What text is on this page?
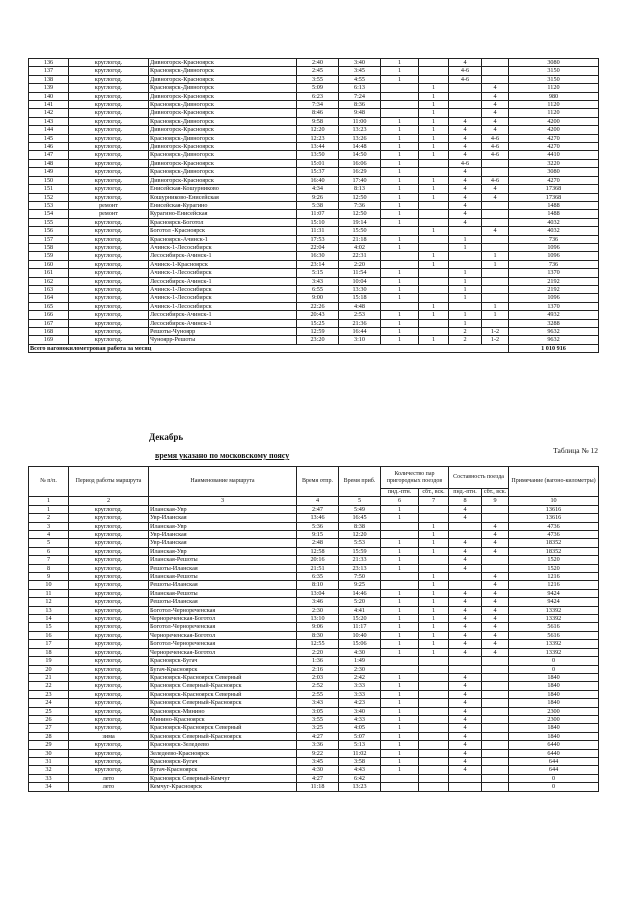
136	круглогод.	Дивногорск-Красноярск	2:40	3:40	1		4		3080
137	круглогод.	Красноярск-Дивногорск	2:45	3:45	1		4-6		3150
138	круглогод.	Дивногорск-Красноярск	3:55	4:55	1		4-6		3150
139	круглогод.	Красноярск-Дивногорск	5:09	6:13		1		4	1120
140	круглогод.	Дивногорск-Красноярск	6:23	7:24		1		4	980
141	круглогод.	Красноярск-Дивногорск	7:34	8:36		1		4	1120
142	круглогод.	Дивногорск-Красноярск	8:46	9:48		1		4	1120
143	круглогод.	Красноярск-Дивногорск	9:58	11:00	1	1	4	4	4200
144	круглогод.	Дивногорск-Красноярск	12:20	13:23	1	1	4	4	4200
145	круглогод.	Красноярск-Дивногорск	12:23	13:26	1	1	4	4-6	4270
146	круглогод.	Дивногорск-Красноярск	13:44	14:48	1	1	4	4-6	4270
147	круглогод.	Красноярск-Дивногорск	13:50	14:50	1	1	4	4-6	4410
148	круглогод.	Дивногорск-Красноярск	15:01	16:06	1		4-6		3220
149	круглогод.	Красноярск-Дивногорск	15:37	16:29	1		4		3080
150	круглогод.	Дивногорск-Красноярск	16:40	17:40	1	1	4	4-6	4270
151	круглогод.	Енисейская-Кошурниково	4:34	8:13	1	1	4	4	17368
152	круглогод.	Кошурниково-Енисейская	9:26	12:50	1	1	4	4	17368
153	ремонт	Енисейская-Курагино	5:38	7:36	1		4		1488
154	ремонт	Курагино-Енисейская	11:07	12:50	1		4		1488
155	круглогод.	Красноярск-Боготол	15:10	19:14	1		4		4032
156	круглогод.	Боготол -Красноярск	11:31	15:50		1		4	4032
157	круглогод.	Красноярск-Ачинск-1	17:53	21:18	1		1		736
158	круглогод.	Ачинск-1-Лесосибирск	22:04	4:02	1		1		1096
159	круглогод.	Лесосибирск-Ачинск-1	16:30	22:31		1		1	1096
160	круглогод.	Ачинск-1-Красноярск	23:14	2:20		1		1	736
161	круглогод.	Ачинск-1-Лесосибирск	5:15	11:54	1		1		1370
162	круглогод.	Лесосибирск-Ачинск-1	3:43	10:04	1		1		2192
163	круглогод.	Ачинск-1-Лесосибирск	6:55	13:30	1		1		2192
164	круглогод.	Ачинск-1-Лесосибирск	9:00	15:18	1		1		1096
165	круглогод.	Ачинск-1-Лесосибирск	22:26	4:48		1		1	1370
166	круглогод.	Лесосибирск-Ачинск-1	20:43	2:53	1	1	1	1	4932
167	круглогод.	Лесосибирск-Ачинск-1	15:25	21:36	1		1		3288
168	круглогод.	Решоты-Чуноярр	12:59	16:44	1		2	1-2	9632
169	круглогод.	Чуноярр-Решоты	23:20	3:10	1	1	2	1-2	9632
Всего вагонокилометровая работа за месяц									1 010 916
Декабрь
Таблица № 12
время указано по московскому поясу
№ п/п.	Период работы маршрута	Наименование маршрута	Время отпр.	Время приб.	Количество пар пригородных поездов		Составность поезда		Примечание (вагоно-километры)
					пнд.-птн.	сбт., вск.	пнд.-птн.	сбт., вск.	
1	2	3	4	5	6	7	8	9	10
1	круглогод.	Иланская-Увр	2:47	5:49	1		4		13616
2	круглогод.	Увр-Иланская	13:46	16:45	1		4		13616
3	круглогод.	Иланская-Увр	5:36	8:38		1		4	4736
4	круглогод.	Увр-Иланская	9:15	12:20		1		4	4736
5	круглогод.	Увр-Иланская	2:48	5:53	1	1	4	4	18352
6	круглогод.	Иланская-Увр	12:58	15:59	1	1	4	4	18352
7	круглогод.	Иланская-Решоты	20:16	21:33	1		4		1520
8	круглогод.	Решоты-Иланская	21:51	23:13	1		4		1520
9	круглогод.	Иланская-Решоты	6:35	7:50		1		4	1216
10	круглогод.	Решоты-Иланская	8:10	9:25		1		4	1216
11	круглогод.	Иланская-Решоты	13:04	14:46	1	1	4	4	9424
12	круглогод.	Решоты-Иланская	3:46	5:20	1	1	4	4	9424
13	круглогод.	Боготол-Чернореченская	2:30	4:41	1	1	4	4	13392
14	круглогод.	Чернореченская-Боготол	13:10	15:20	1	1	4	4	13392
15	круглогод.	Боготол-Чернореченская	9:06	11:17	1	1	4	4	5616
16	круглогод.	Чернореченская-Боготол	8:30	10:40	1	1	4	4	5616
17	круглогод.	Боготол-Чернореченская	12:55	15:06	1	1	4	4	13392
18	круглогод.	Чернореченская-Боготол	2:20	4:30	1	1	4	4	13392
19	круглогод.	Красноярск-Бугач	1:36	1:49					0
20	круглогод.	Бугач-Красноярск	2:16	2:30					0
21	круглогод.	Красноярск-Красноярск Северный	2:03	2:42	1		4		1840
22	круглогод.	Красноярск Северный-Красноярск	2:52	3:33	1		4		1840
23	круглогод.	Красноярск-Красноярск Северный	2:55	3:33	1		4		1840
24	круглогод.	Красноярск Северный-Красноярск	3:43	4:23	1		4		1840
25	круглогод.	Красноярск-Минино	3:05	3:40	1		4		2300
26	круглогод.	Минино-Красноярск	3:55	4:33	1		4		2300
27	круглогод.	Красноярск-Красноярск Северный	3:25	4:05	1		4		1840
28	зима	Красноярск Северный-Красноярск	4:27	5:07	1		4		1840
29	круглогод.	Красноярск-Зеледеево	3:36	5:13	1		4		6440
30	круглогод.	Зеледеево-Красноярск	9:22	11:02	1		4		6440
31	круглогод.	Красноярск-Бугач	3:45	3:58	1		4		644
32	круглогод.	Бугач-Красноярск	4:30	4:43	1		4		644
33	лето	Красноярск Северный-Кемчуг	4:27	6:42					0
34	лето	Кемчуг-Красноярск	11:18	13:23					0
